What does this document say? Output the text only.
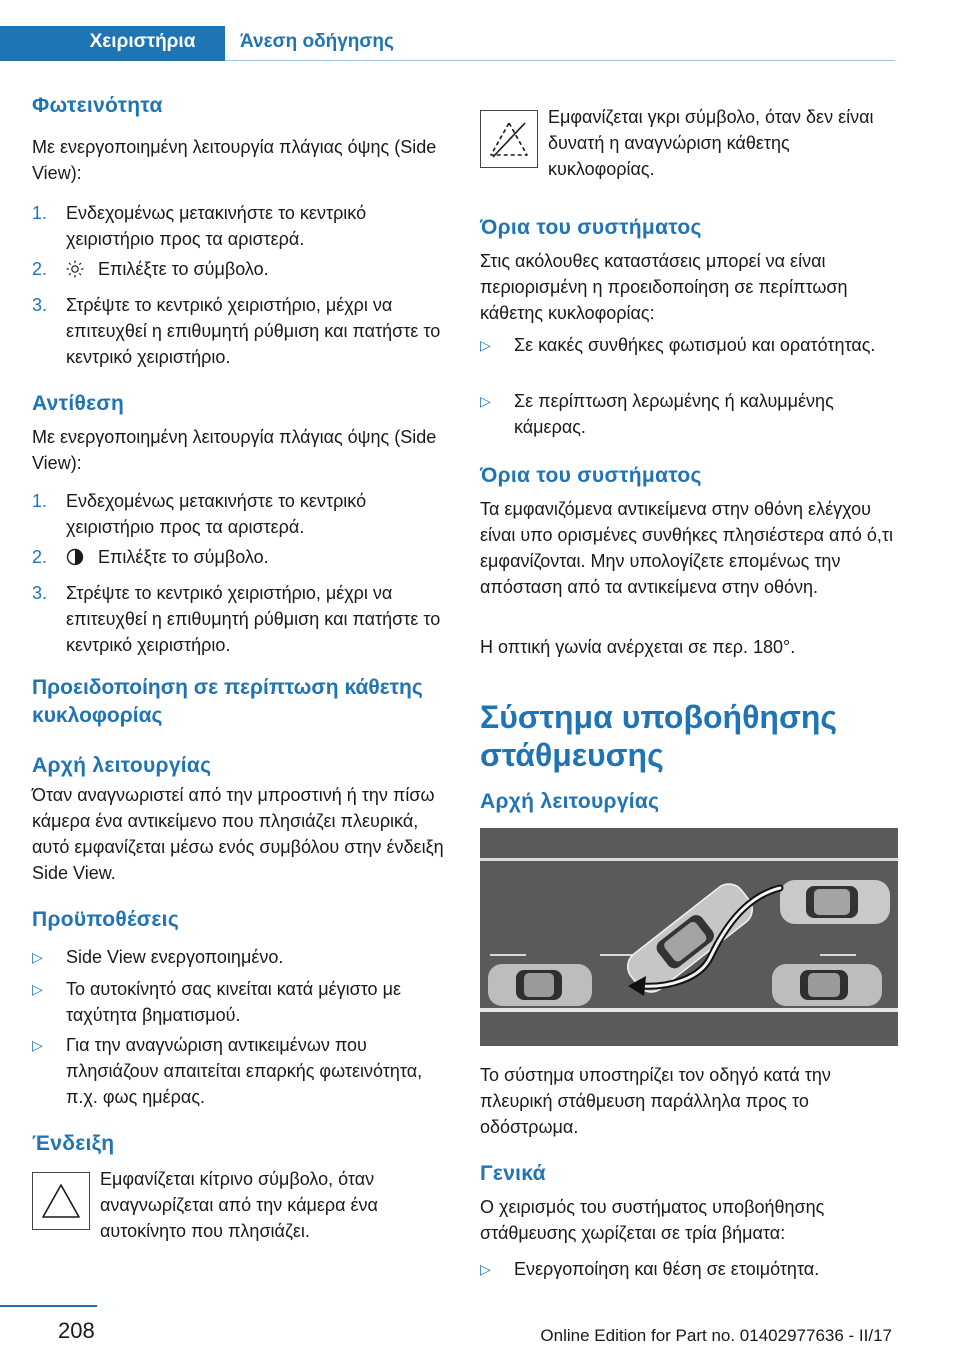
Χειριστήρια	Άνεση οδήγησης
Φωτεινότητα
Με ενεργοποιημένη λειτουργία πλάγιας όψης (Side View):
1. Ενδεχομένως μετακινήστε το κεντρικό χειριστήριο προς τα αριστερά.
2.	Επιλέξτε το σύμβολο.
3. Στρέψτε το κεντρικό χειριστήριο, μέχρι να επιτευχθεί η επιθυμητή ρύθμιση και πατήστε το κεντρικό χειριστήριο.
Αντίθεση
Με ενεργοποιημένη λειτουργία πλάγιας όψης (Side View):
1. Ενδεχομένως μετακινήστε το κεντρικό χειριστήριο προς τα αριστερά.
2.	Επιλέξτε το σύμβολο.
3. Στρέψτε το κεντρικό χειριστήριο, μέχρι να επιτευχθεί η επιθυμητή ρύθμιση και πατήστε το κεντρικό χειριστήριο.
Προειδοποίηση σε περίπτωση κάθετης κυκλοφορίας
Αρχή λειτουργίας
Όταν αναγνωριστεί από την μπροστινή ή την πίσω κάμερα ένα αντικείμενο που πλησιάζει πλευρικά, αυτό εμφανίζεται μέσω ενός συμβόλου στην ένδειξη Side View.
Προϋποθέσεις
▷ Side View ενεργοποιημένο.
▷ Το αυτοκίνητό σας κινείται κατά μέγιστο με ταχύτητα βηματισμού.
▷ Για την αναγνώριση αντικειμένων που πλησιάζουν απαιτείται επαρκής φωτεινότητα, π.χ. φως ημέρας.
Ένδειξη
Εμφανίζεται κίτρινο σύμβολο, όταν αναγνωρίζεται από την κάμερα ένα αυτοκίνητο που πλησιάζει.
Εμφανίζεται γκρι σύμβολο, όταν δεν είναι δυνατή η αναγνώριση κάθετης κυκλοφορίας.
Όρια του συστήματος
Στις ακόλουθες καταστάσεις μπορεί να είναι περιορισμένη η προειδοποίηση σε περίπτωση κάθετης κυκλοφορίας:
▷ Σε κακές συνθήκες φωτισμού και ορατότητας.
▷ Σε περίπτωση λερωμένης ή καλυμμένης κάμερας.
Όρια του συστήματος
Τα εμφανιζόμενα αντικείμενα στην οθόνη ελέγχου είναι υπο ορισμένες συνθήκες πλησιέστερα από ό,τι εμφανίζονται. Μην υπολογίζετε επομένως την απόσταση από τα αντικείμενα στην οθόνη.
Η οπτική γωνία ανέρχεται σε περ. 180°.
Σύστημα υποβοήθησης στάθμευσης
Αρχή λειτουργίας
Το σύστημα υποστηρίζει τον οδηγό κατά την πλευρική στάθμευση παράλληλα προς το οδόστρωμα.
Γενικά
Ο χειρισμός του συστήματος υποβοήθησης στάθμευσης χωρίζεται σε τρία βήματα:
▷ Ενεργοποίηση και θέση σε ετοιμότητα.
208	Online Edition for Part no. 01402977636 - II/17
